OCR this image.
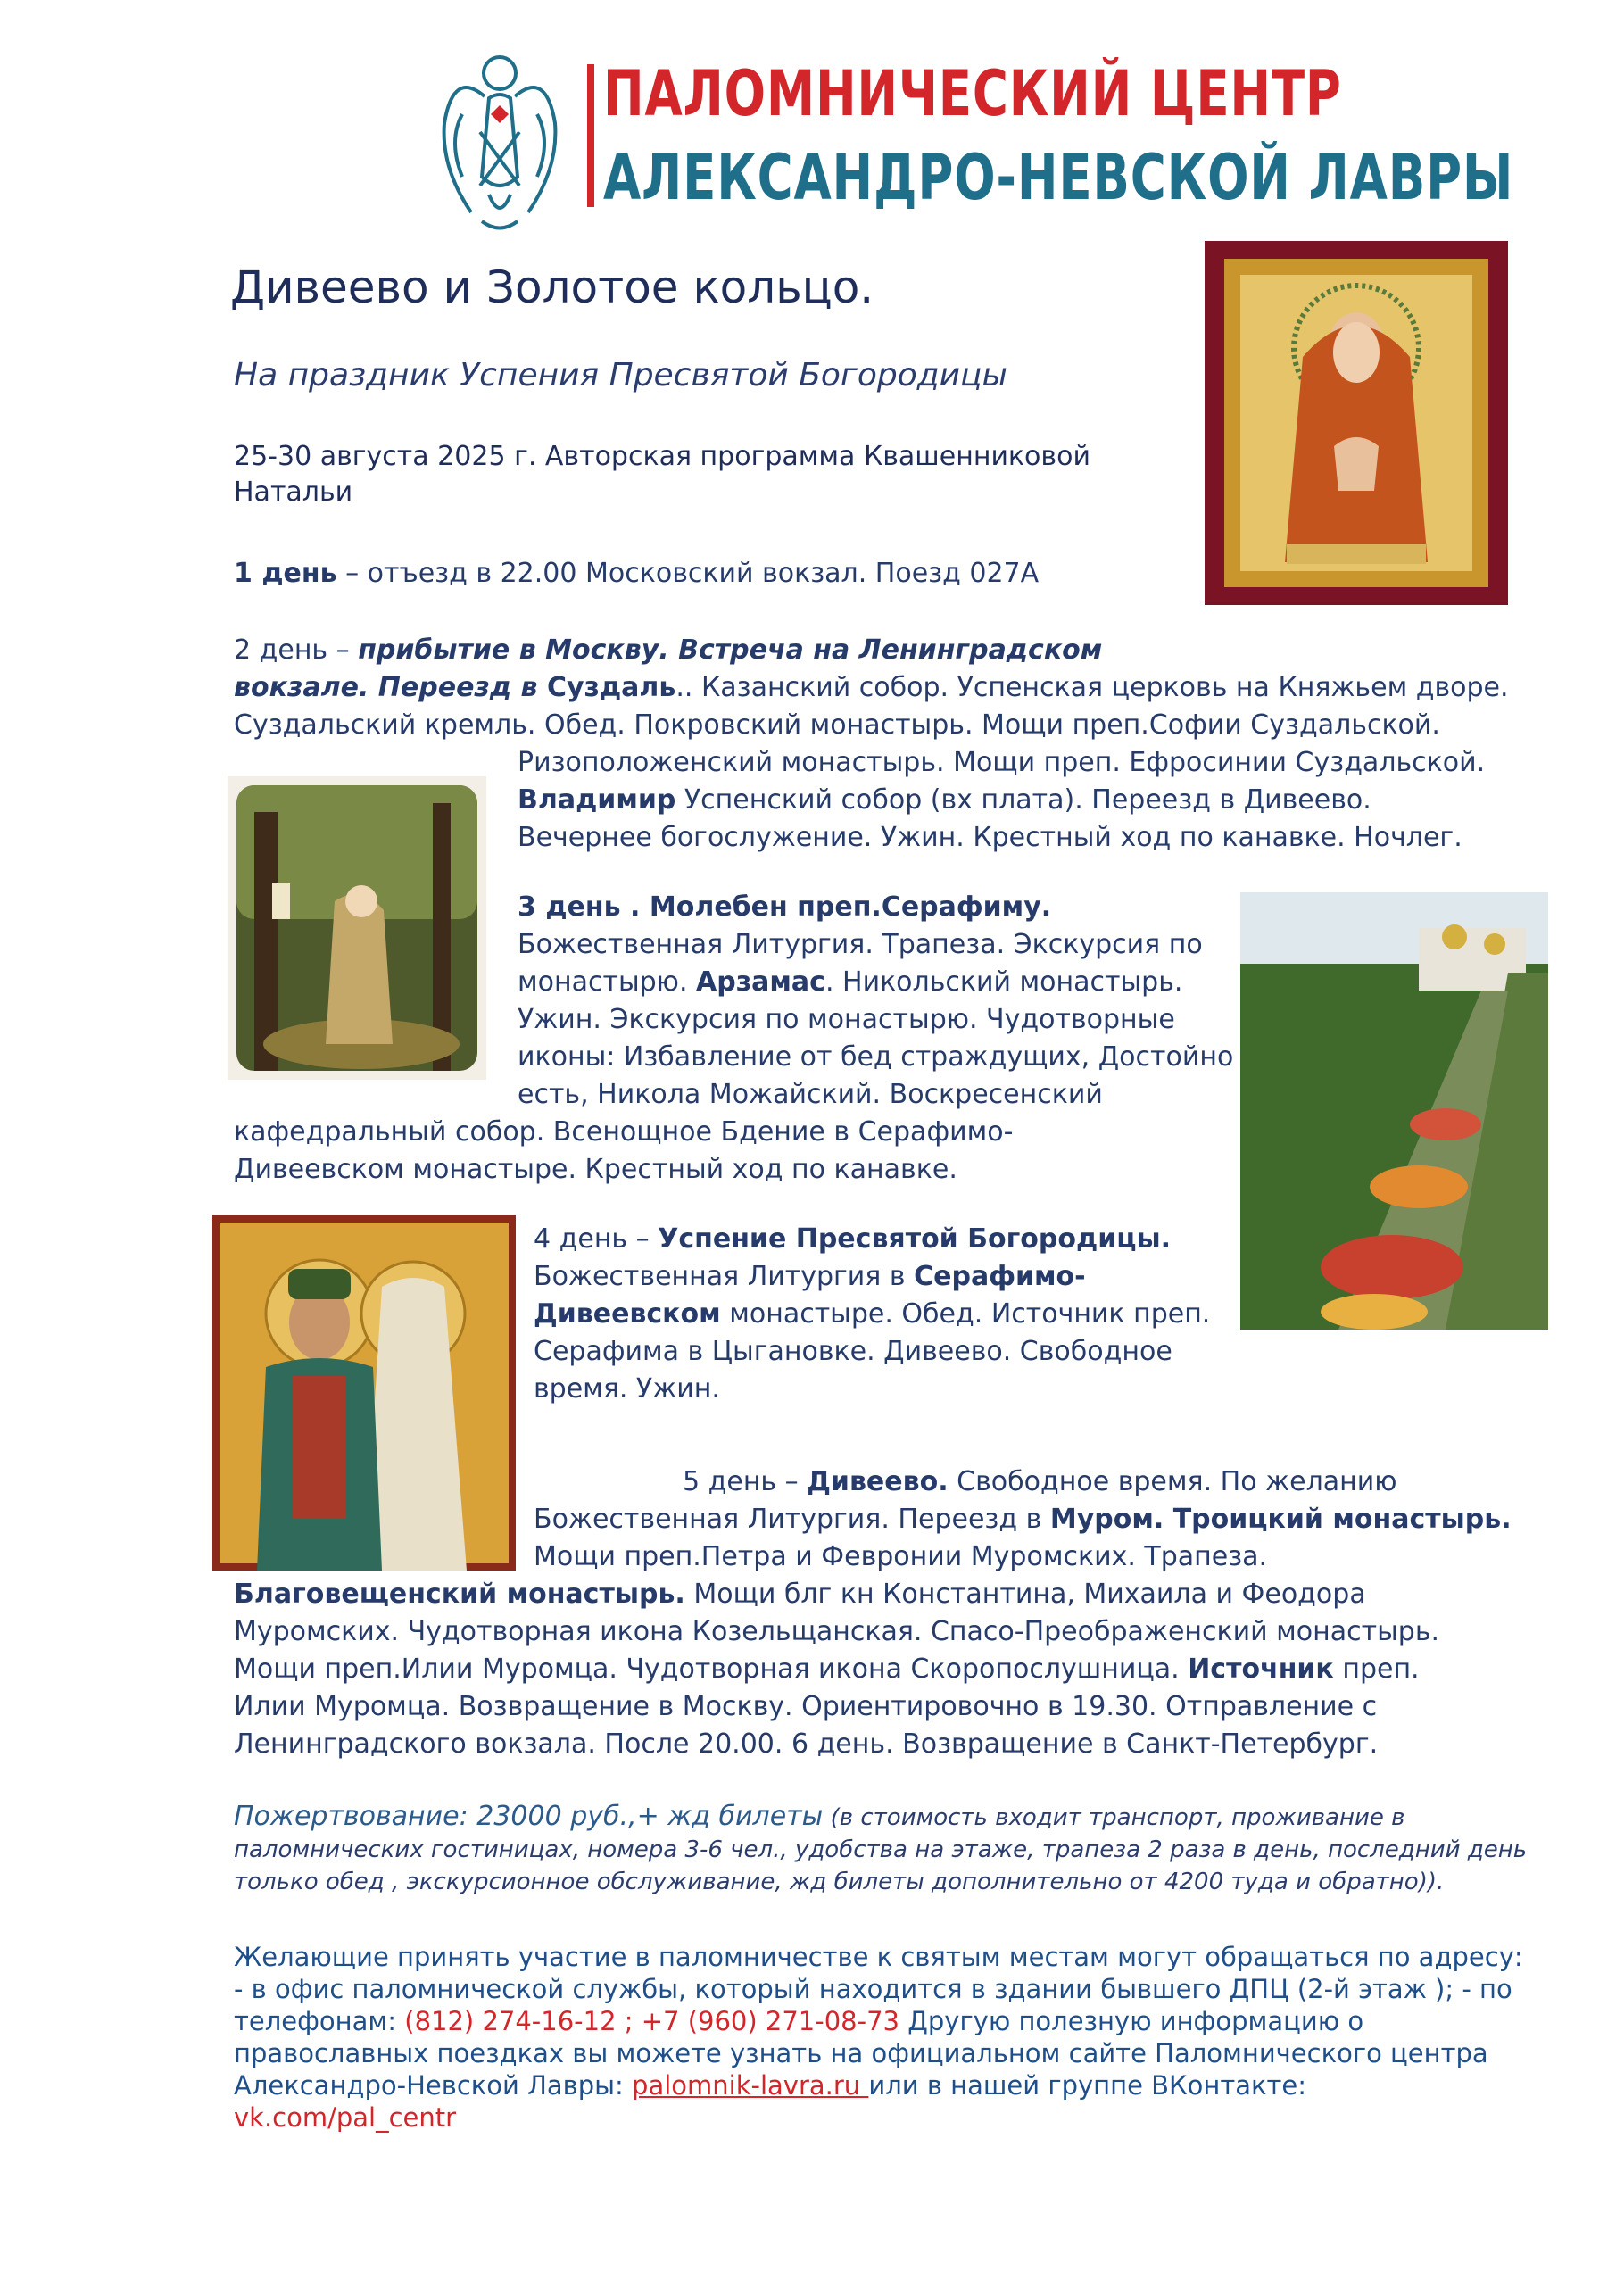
ПАЛОМНИЧЕСКИЙ ЦЕНТР
АЛЕКСАНДРО-НЕВСКОЙ ЛАВРЫ
Дивеево и Золотое кольцо.
На праздник Успения Пресвятой Богородицы
25-30 августа 2025 г. Авторская программа Квашенниковой
Натальи
1 день – отъезд в 22.00 Московский вокзал. Поезд 027А
2 день – прибытие в Москву. Встреча на Ленинградском
вокзале. Переезд в Суздаль.. Казанский собор. Успенская церковь на Княжьем дворе.
Суздальский кремль. Обед. Покровский монастырь. Мощи преп.Софии Суздальской.
Ризоположенский монастырь. Мощи преп. Ефросинии Суздальской.
Владимир Успенский собор (вх плата). Переезд в Дивеево.
Вечернее богослужение. Ужин. Крестный ход по канавке. Ночлег.
3 день . Молебен преп.Серафиму.
Божественная Литургия. Трапеза. Экскурсия по
монастырю. Арзамас. Никольский монастырь.
Ужин. Экскурсия по монастырю. Чудотворные
иконы: Избавление от бед страждущих, Достойно
есть, Никола Можайский. Воскресенский
кафедральный собор. Всенощное Бдение в Серафимо-
Дивеевском монастыре. Крестный ход по канавке.
4 день – Успение Пресвятой Богородицы.
Божественная Литургия в Серафимо-
Дивеевском монастыре. Обед. Источник преп.
Серафима в Цыгановке. Дивеево. Свободное
время. Ужин.
5 день – Дивеево. Свободное время. По желанию
Божественная Литургия. Переезд в Муром. Троицкий монастырь.
Мощи преп.Петра и Февронии Муромских. Трапеза.
Благовещенский монастырь. Мощи блг кн Константина, Михаила и Феодора
Муромских. Чудотворная икона Козельщанская. Спасо-Преображенский монастырь.
Мощи преп.Илии Муромца. Чудотворная икона Скоропослушница. Источник преп.
Илии Муромца. Возвращение в Москву. Ориентировочно в 19.30. Отправление с
Ленинградского вокзала. После 20.00. 6 день. Возвращение в Санкт-Петербург.
Пожертвование: 23000 руб.,+ жд билеты (в стоимость входит транспорт, проживание в паломнических гостиницах, номера 3-6 чел., удобства на этаже, трапеза 2 раза в день, последний день только обед , экскурсионное обслуживание, жд билеты дополнительно от 4200 туда и обратно)).
Желающие принять участие в паломничестве к святым местам могут обращаться по адресу:
- в офис паломнической службы, который находится в здании бывшего ДПЦ (2-й этаж ); - по
телефонам: (812) 274-16-12 ; +7 (960) 271-08-73 Другую полезную информацию о
православных поездках вы можете узнать на официальном сайте Паломнического центра
Александро-Невской Лавры: palomnik-lavra.ru или в нашей группе ВКонтакте:
vk.com/pal_centr
